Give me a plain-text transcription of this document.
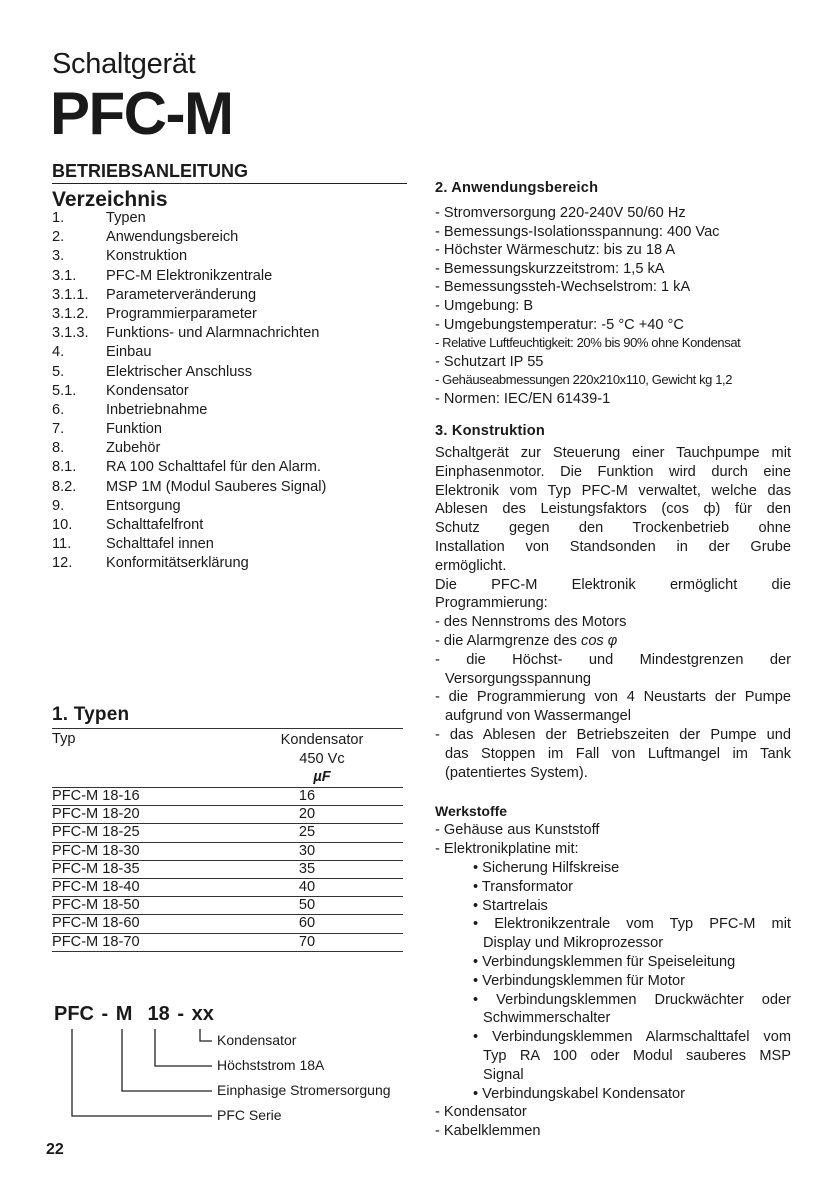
Schaltgerät
PFC-M
BETRIEBSANLEITUNG
Verzeichnis
1.	Typen
2.	Anwendungsbereich
3.	Konstruktion
3.1. PFC-M Elektronikzentrale
3.1.1. Parameterveränderung
3.1.2. Programmierparameter
3.1.3. Funktions- und Alarmnachrichten
4.	Einbau
5.	Elektrischer Anschluss
5.1. Kondensator
6.	Inbetriebnahme
7.	Funktion
8.	Zubehör
8.1. RA 100 Schalttafel für den Alarm.
8.2. MSP 1M (Modul Sauberes Signal)
9.	Entsorgung
10. Schalttafelfront
11. Schalttafel innen
12. Konformitätserklärung
1. Typen
Typ	Kondensator
450 Vc
µF
PFC-M 18-16	16
PFC-M 18-20	20
PFC-M 18-25	25
PFC-M 18-30	30
PFC-M 18-35	35
PFC-M 18-40	40
PFC-M 18-50	50
PFC-M 18-60	60
PFC-M 18-70	70
PFC - M  18 - xx
Kondensator
Höchststrom 18A
Einphasige Stromersorgung
PFC Serie
22
2. Anwendungsbereich
- Stromversorgung 220-240V 50/60 Hz
- Bemessungs-Isolationsspannung: 400 Vac
- Höchster Wärmeschutz: bis zu 18 A
- Bemessungskurzzeitstrom: 1,5 kA
- Bemessungssteh-Wechselstrom: 1 kA
- Umgebung: B
- Umgebungstemperatur: -5 °C +40 °C
- Relative Luftfeuchtigkeit: 20% bis 90% ohne Kondensat
- Schutzart IP 55
- Gehäuseabmessungen 220x210x110, Gewicht kg 1,2
- Normen: IEC/EN 61439-1
3. Konstruktion
Schaltgerät zur Steuerung einer Tauchpumpe mit
Einphasenmotor. Die Funktion wird durch eine
Elektronik vom Typ PFC-M verwaltet, welche das
Ablesen des Leistungsfaktors (cos ф) für den
Schutz gegen den Trockenbetrieb ohne
Installation von Standsonden in der Grube
ermöglicht.
Die PFC-M Elektronik ermöglicht die
Programmierung:
- des Nennstroms des Motors
- die Alarmgrenze des cos φ
- die Höchst- und Mindestgrenzen der
Versorgungsspannung
- die Programmierung von 4 Neustarts der Pumpe
aufgrund von Wassermangel
- das Ablesen der Betriebszeiten der Pumpe und
das Stoppen im Fall von Luftmangel im Tank
(patentiertes System).
Werkstoffe
- Gehäuse aus Kunststoff
- Elektronikplatine mit:
• Sicherung Hilfskreise
• Transformator
• Startrelais
• Elektronikzentrale vom Typ PFC-M mit
Display und Mikroprozessor
• Verbindungsklemmen für Speiseleitung
• Verbindungsklemmen für Motor
• Verbindungsklemmen Druckwächter oder
Schwimmerschalter
• Verbindungsklemmen Alarmschalttafel vom
Typ RA 100 oder Modul sauberes MSP
Signal
• Verbindungskabel Kondensator
- Kondensator
- Kabelklemmen
